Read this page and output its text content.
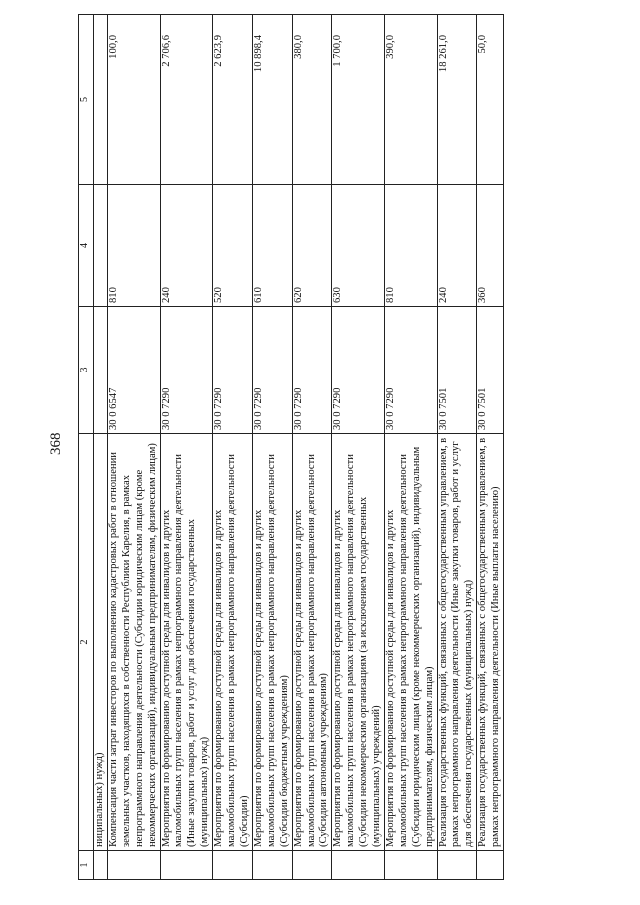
368
1	2	3	4	5
	ниципальных) нужд)			
	Компенсация части затрат инвесторов по выполнению кадастровых работ в отношении земельных участков, находящихся в собственности Республики Карелия, в рамках непрограммного направления деятельности (Субсидии юридическим лицам (кроме некоммерческих организаций), индивидуальным предпринимателям, физическим лицам)	30 0 6547	810	100,0
	Мероприятия по формированию доступной среды для инвалидов и других маломобильных групп населения в рамках непрограммного направления деятельности (Иные закупки товаров, работ и услуг для обеспечения государственных (муниципальных) нужд)	30 0 7290	240	2 706,6
	Мероприятия по формированию доступной среды для инвалидов и других маломобильных групп населения в рамках непрограммного направления деятельности (Субсидии)	30 0 7290	520	2 623,9
	Мероприятия по формированию доступной среды для инвалидов и других маломобильных групп населения в рамках непрограммного направления деятельности (Субсидии бюджетным учреждениям)	30 0 7290	610	10 898,4
	Мероприятия по формированию доступной среды для инвалидов и других маломобильных групп населения в рамках непрограммного направления деятельности (Субсидии автономным учреждениям)	30 0 7290	620	380,0
	Мероприятия по формированию доступной среды для инвалидов и других маломобильных групп населения в рамках непрограммного направления деятельности (Субсидии некоммерческим организациям (за исключением государственных (муниципальных) учреждений)	30 0 7290	630	1 700,0
	Мероприятия по формированию доступной среды для инвалидов и других маломобильных групп населения в рамках непрограммного направления деятельности (Субсидии юридическим лицам (кроме некоммерческих организаций), индивидуальным предпринимателям, физическим лицам)	30 0 7290	810	390,0
	Реализация государственных функций, связанных с общегосударственным управлением, в рамках непрограммного направления деятельности (Иные закупки товаров, работ и услуг для обеспечения государственных (муниципальных) нужд)	30 0 7501	240	18 261,0
	Реализация государственных функций, связанных с общегосударственным управлением, в рамках непрограммного направления деятельности (Иные выплаты населению)	30 0 7501	360	50,0
